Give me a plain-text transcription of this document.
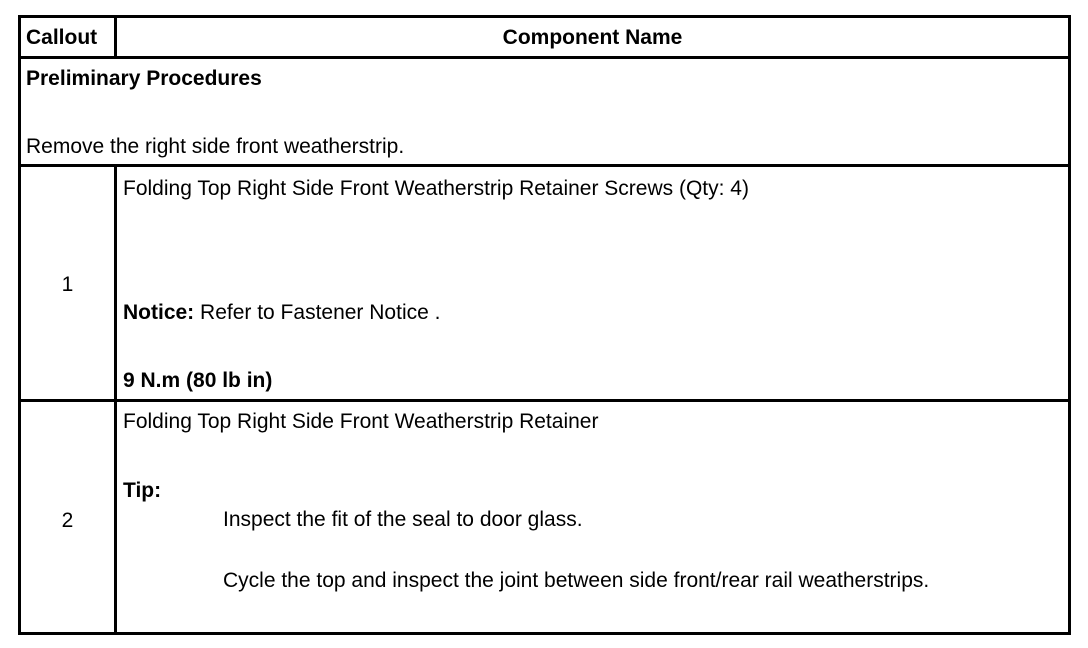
Callout	Component Name
Preliminary Procedures
Remove the right side front weatherstrip.
1
Folding Top Right Side Front Weatherstrip Retainer Screws (Qty: 4)
Notice: Refer to Fastener Notice .
9 N.m (80 lb in)
2
Folding Top Right Side Front Weatherstrip Retainer
Tip:
Inspect the fit of the seal to door glass.
Cycle the top and inspect the joint between side front/rear rail weatherstrips.
